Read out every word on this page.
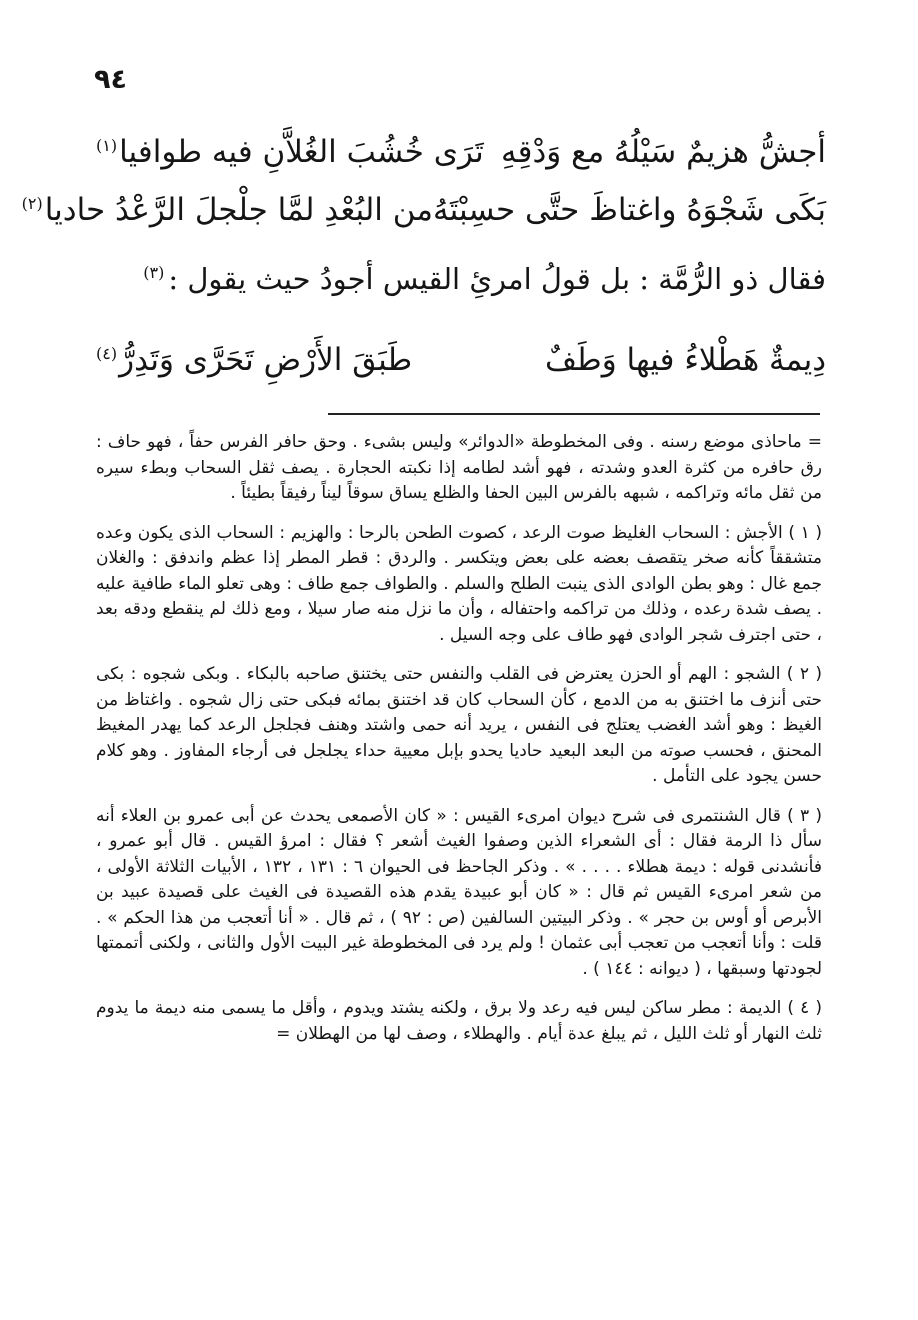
٩٤
أجشُّ هزيمٌ سَيْلُهُ مع وَدْقِهِ
تَرَى خُشُبَ الغُلاَّنِ فيه طوافيا$^{(١)}$
بَكَى شَجْوَهُ واغتاظَ حتَّى حسِبْتَهُ
من البُعْدِ لمَّا جلْجلَ الرَّعْدُ حاديا$^{(٢)}$
فقال ذو الرُّمَّة : بل قولُ امرئِ القيس أجودُ حيث يقول :$^{(٣)}$
دِيمةٌ هَطْلاءُ فيها وَطَفٌ
طَبَقَ الأَرْضِ تَحَرَّى وَتَدِرُّ$^{(٤)}$

= ماحاذى موضع رسنه . وفى المخطوطة «الدوائر» وليس بشىء . وحق حافر الفرس حفاً ، فهو حاف : رق حافره من كثرة العدو وشدته ، فهو أشد لطامه إذا نكبته الحجارة . يصف ثقل السحاب وبطء سيره من ثقل مائه وتراكمه ، شبهه بالفرس البين الحفا والظلع يساق سوقاً ليناً رفيقاً بطيئاً .

( ١ ) الأجش : السحاب الغليظ صوت الرعد ، كصوت الطحن بالرحا : والهزيم : السحاب الذى يكون وعده متشققاً كأنه صخر يتقصف بعضه على بعض ويتكسر . والردق : قطر المطر إذا عظم واندفق : والغلان جمع غال : وهو بطن الوادى الذى ينبت الطلح والسلم . والطواف جمع طاف : وهى تعلو الماء طافية عليه . يصف شدة رعده ، وذلك من تراكمه واحتفاله ، وأن ما نزل منه صار سيلا ، ومع ذلك لم ينقطع ودقه بعد ، حتى اجترف شجر الوادى فهو طاف على وجه السيل .

( ٢ ) الشجو : الهم أو الحزن يعترض فى القلب والنفس حتى يختنق صاحبه بالبكاء . وبكى شجوه : بكى حتى أنزف ما اختنق به من الدمع ، كأن السحاب كان قد اختنق بمائه فبكى حتى زال شجوه . واغتاظ من الغيظ : وهو أشد الغضب يعتلج فى النفس ، يريد أنه حمى واشتد وهنف فجلجل الرعد كما يهدر المغيظ المحنق ، فحسب صوته من البعد البعيد حاديا يحدو بإبل معيية حداء يجلجل فى أرجاء المفاوز . وهو كلام حسن يجود على التأمل .

( ٣ ) قال الشنتمرى فى شرح ديوان امرىء القيس : « كان الأصمعى يحدث عن أبى عمرو بن العلاء أنه سأل ذا الرمة فقال : أى الشعراء الذين وصفوا الغيث أشعر ؟ فقال : امرؤ القيس . قال أبو عمرو ، فأنشدنى قوله : ديمة هطلاء . . . . » . وذكر الجاحظ فى الحيوان ٦ : ١٣١ ، ١٣٢ ، الأبيات الثلاثة الأولى ، من شعر امرىء القيس ثم قال : « كان أبو عبيدة يقدم هذه القصيدة فى الغيث على قصيدة عبيد بن الأبرص أو أوس بن حجر » . وذكر البيتين السالفين (ص : ٩٢ ) ، ثم قال . « أنا أتعجب من هذا الحكم » . قلت : وأنا أتعجب من تعجب أبى عثمان ! ولم يرد فى المخطوطة غير البيت الأول والثانى ، ولكنى أتممتها لجودتها وسبقها ، ( ديوانه : ١٤٤ ) .

( ٤ ) الديمة : مطر ساكن ليس فيه رعد ولا برق ، ولكنه يشتد ويدوم ، وأقل ما يسمى منه ديمة ما يدوم ثلث النهار أو ثلث الليل ، ثم يبلغ عدة أيام . والهطلاء ، وصف لها من الهطلان =
